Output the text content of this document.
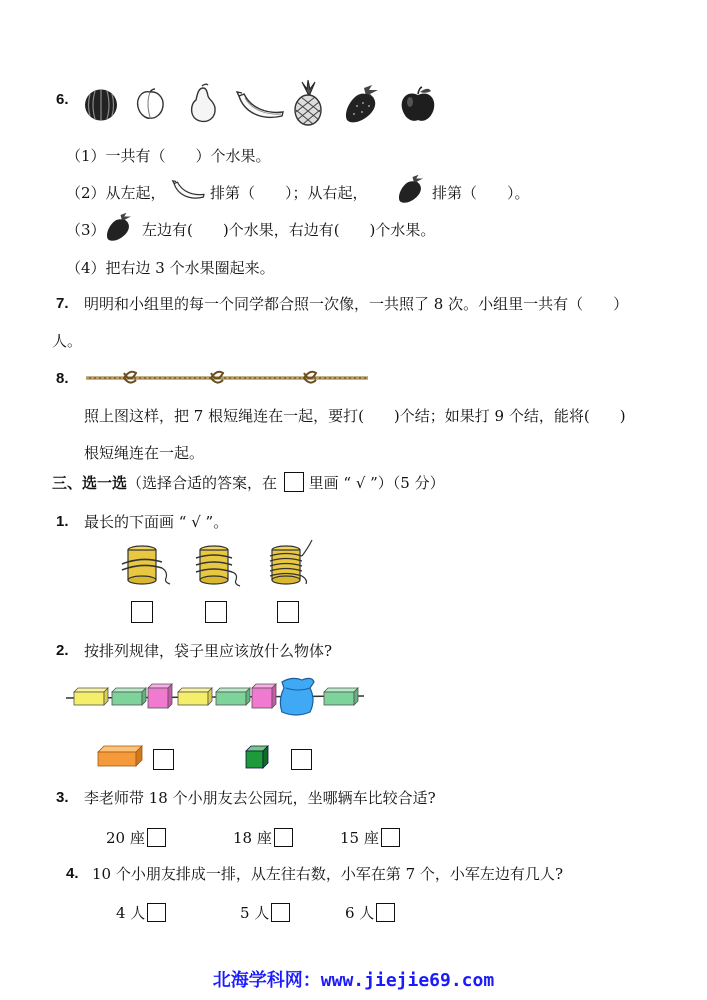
6.
（1）一共有（　　）个水果。
（2）从左起，	排第（　　）；从右起，	排第（　　）。
（3） 左边有(　　)个水果，右边有(　　)个水果。
（4）把右边 3 个水果圈起来。
7. 明明和小组里的每一个同学都合照一次像，一共照了 8 次。小组里一共有（　　）
人。
8.
照上图这样，把 7 根短绳连在一起，要打(　　)个结；如果打 9 个结，能将(　　)
根短绳连在一起。
三、选一选（选择合适的答案，在 里画 “ √ ”）（5 分）
1. 最长的下面画 “ √ ”。
2. 按排列规律，袋子里应该放什么物体?
3. 李老师带 18 个小朋友去公园玩，坐哪辆车比较合适?
20 座	18 座	15 座
4. 10 个小朋友排成一排，从左往右数，小军在第 7 个，小军左边有几人?
4 人	5 人	6 人
北海学科网：www.jiejie69.com
